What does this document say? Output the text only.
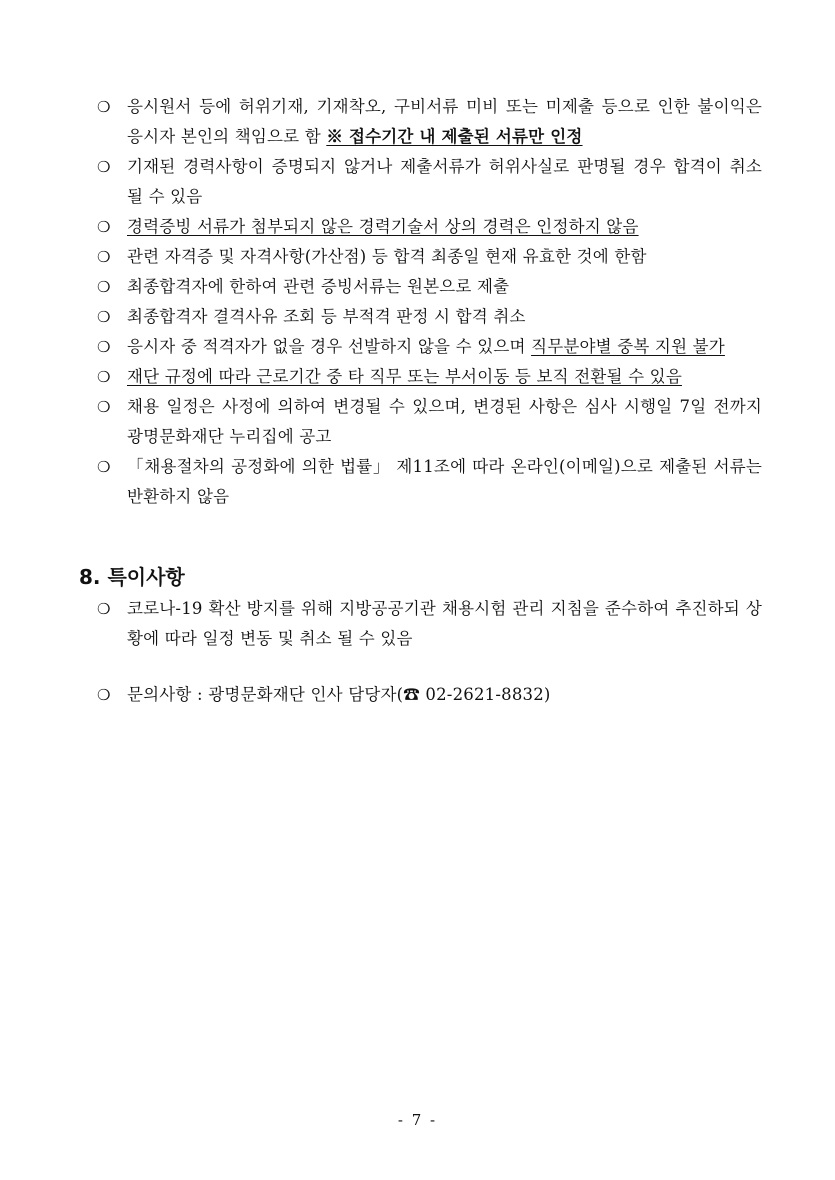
❍ 응시원서 등에 허위기재, 기재착오, 구비서류 미비 또는 미제출 등으로 인한 불이익은 응시자 본인의 책임으로 함 ※ 접수기간 내 제출된 서류만 인정
❍ 기재된 경력사항이 증명되지 않거나 제출서류가 허위사실로 판명될 경우 합격이 취소 될 수 있음
❍ 경력증빙 서류가 첨부되지 않은 경력기술서 상의 경력은 인정하지 않음
❍ 관련 자격증 및 자격사항(가산점) 등 합격 최종일 현재 유효한 것에 한함
❍ 최종합격자에 한하여 관련 증빙서류는 원본으로 제출
❍ 최종합격자 결격사유 조회 등 부적격 판정 시 합격 취소
❍ 응시자 중 적격자가 없을 경우 선발하지 않을 수 있으며 직무분야별 중복 지원 불가
❍ 재단 규정에 따라 근로기간 중 타 직무 또는 부서이동 등 보직 전환될 수 있음
❍ 채용 일정은 사정에 의하여 변경될 수 있으며, 변경된 사항은 심사 시행일 7일 전까지 광명문화재단 누리집에 공고
❍ 「채용절차의 공정화에 의한 법률」 제11조에 따라 온라인(이메일)으로 제출된 서류는 반환하지 않음
8. 특이사항
❍ 코로나-19 확산 방지를 위해 지방공공기관 채용시험 관리 지침을 준수하여 추진하되 상황에 따라 일정 변동 및 취소 될 수 있음
❍ 문의사항 : 광명문화재단 인사 담당자(☎ 02-2621-8832)
- 7 -
